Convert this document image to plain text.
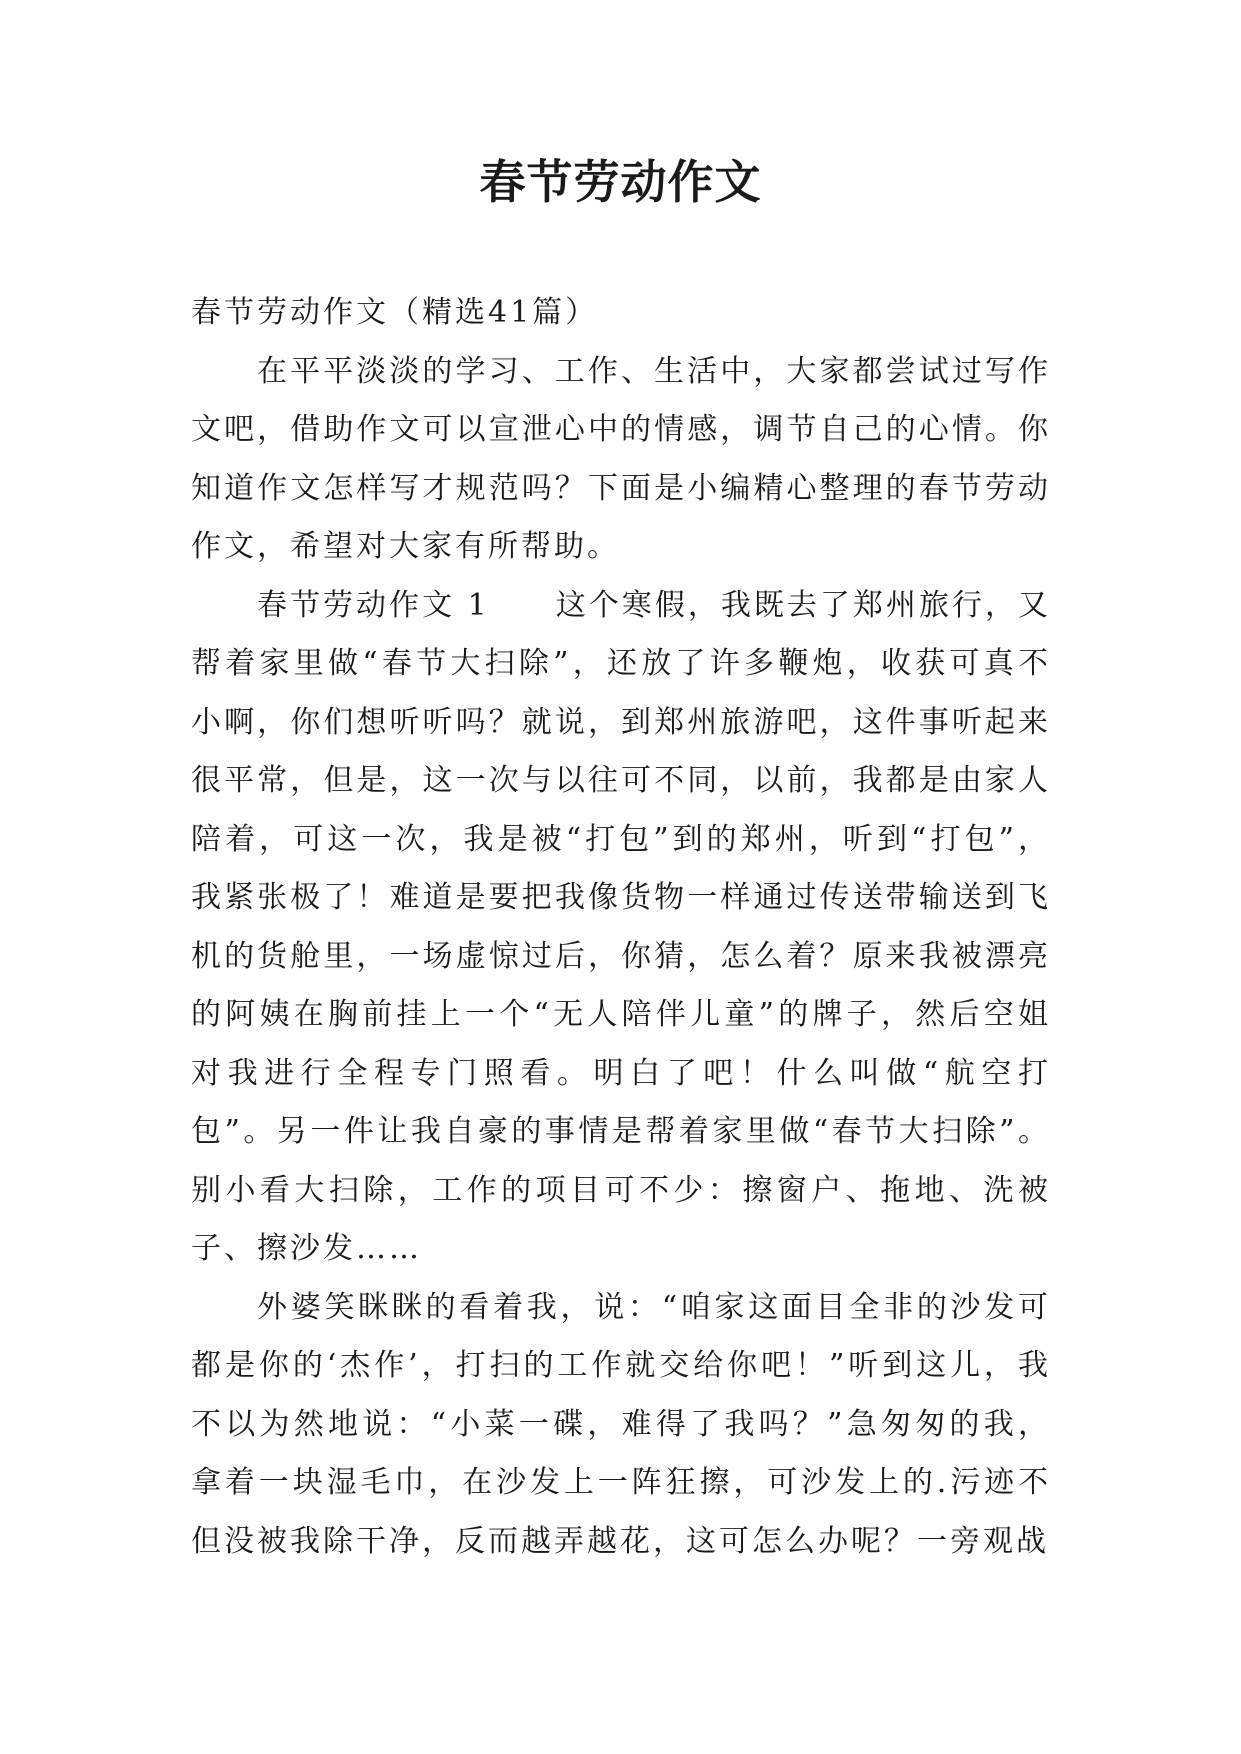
春节劳动作文

春节劳动作文（精选41篇）

在平平淡淡的学习、工作、生活中，大家都尝试过写作文吧，借助作文可以宣泄心中的情感，调节自己的心情。你知道作文怎样写才规范吗？下面是小编精心整理的春节劳动作文，希望对大家有所帮助。

春节劳动作文 1　　这个寒假，我既去了郑州旅行，又帮着家里做“春节大扫除”，还放了许多鞭炮，收获可真不小啊，你们想听听吗？就说，到郑州旅游吧，这件事听起来很平常，但是，这一次与以往可不同，以前，我都是由家人陪着，可这一次，我是被“打包”到的郑州，听到“打包”，我紧张极了！难道是要把我像货物一样通过传送带输送到飞机的货舱里，一场虚惊过后，你猜，怎么着？原来我被漂亮的阿姨在胸前挂上一个“无人陪伴儿童”的牌子，然后空姐对我进行全程专门照看。明白了吧！什么叫做“航空打包”。另一件让我自豪的事情是帮着家里做“春节大扫除”。别小看大扫除，工作的项目可不少：擦窗户、拖地、洗被子、擦沙发……

外婆笑眯眯的看着我，说：“咱家这面目全非的沙发可都是你的‘杰作’，打扫的工作就交给你吧！”听到这儿，我不以为然地说：“小菜一碟，难得了我吗？”急匆匆的我，拿着一块湿毛巾，在沙发上一阵狂擦，可沙发上的.污迹不但没被我除干净，反而越弄越花，这可怎么办呢？一旁观战
